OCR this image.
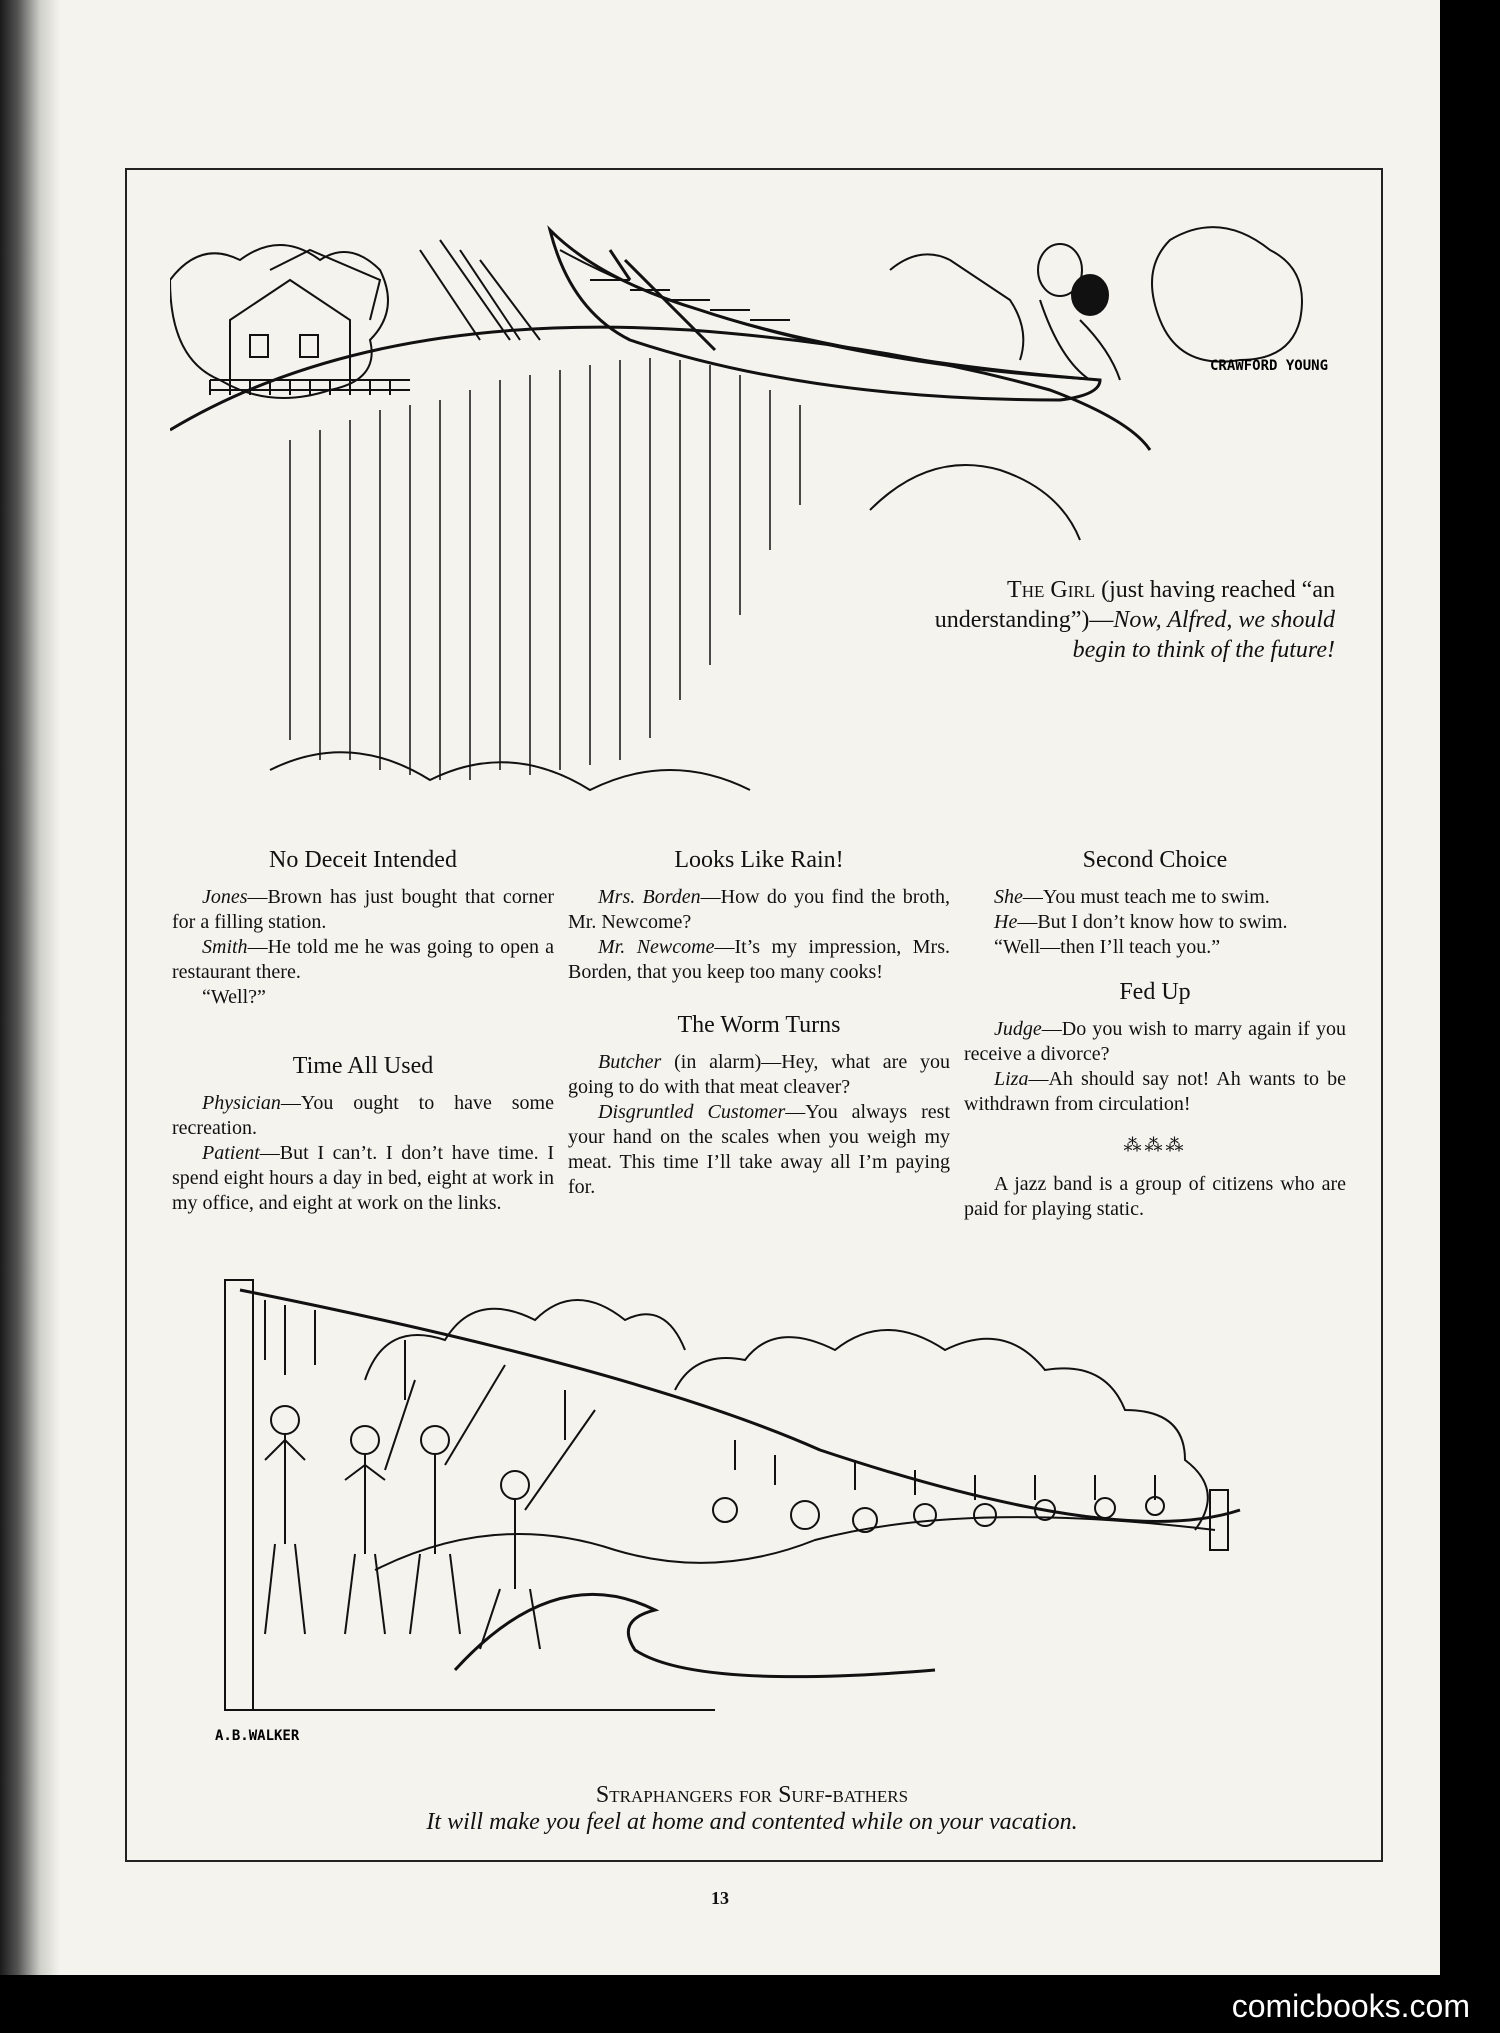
CRAWFORD YOUNG
The Girl (just having reached “an understanding”)—Now, Alfred, we should begin to think of the future!
No Deceit Intended

Jones—Brown has just bought that corner for a filling station.

Smith—He told me he was going to open a restaurant there.

“Well?”

Time All Used

Physician—You ought to have some recreation.

Patient—But I can’t. I don’t have time. I spend eight hours a day in bed, eight at work in my office, and eight at work on the links.

Looks Like Rain!

Mrs. Borden—How do you find the broth, Mr. Newcome?

Mr. Newcome—It’s my impression, Mrs. Borden, that you keep too many cooks!

The Worm Turns

Butcher (in alarm)—Hey, what are you going to do with that meat cleaver?

Disgruntled Customer—You always rest your hand on the scales when you weigh my meat. This time I’ll take away all I’m paying for.

Second Choice

She—You must teach me to swim.

He—But I don’t know how to swim.

“Well—then I’ll teach you.”

Fed Up

Judge—Do you wish to marry again if you receive a divorce?

Liza—Ah should say not! Ah wants to be withdrawn from circulation!

⁂⁂⁂

A jazz band is a group of citizens who are paid for playing static.

A.B.WALKER
Straphangers for Surf-bathers
It will make you feel at home and contented while on your vacation.
13
comicbooks.com
